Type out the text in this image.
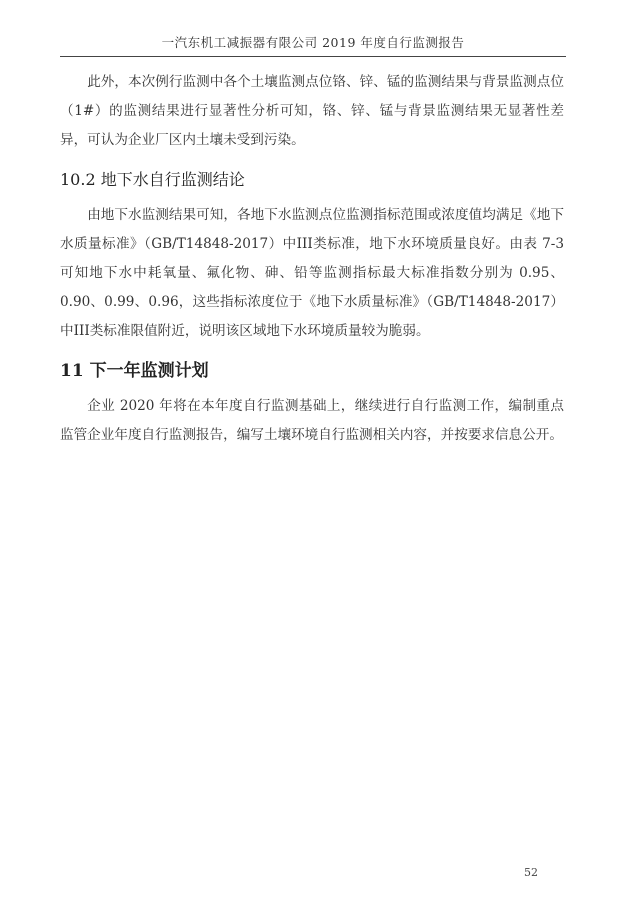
一汽东机工减振器有限公司 2019 年度自行监测报告

此外，本次例行监测中各个土壤监测点位铬、锌、锰的监测结果与背景监测点位（1#）的监测结果进行显著性分析可知，铬、锌、锰与背景监测结果无显著性差异，可认为企业厂区内土壤未受到污染。

10.2 地下水自行监测结论

由地下水监测结果可知，各地下水监测点位监测指标范围或浓度值均满足《地下水质量标准》（GB/T14848-2017）中III类标准，地下水环境质量良好。由表 7-3 可知地下水中耗氧量、氟化物、砷、铅等监测指标最大标准指数分别为 0.95、0.90、0.99、0.96，这些指标浓度位于《地下水质量标准》（GB/T14848-2017）中III类标准限值附近，说明该区域地下水环境质量较为脆弱。

11 下一年监测计划

企业 2020 年将在本年度自行监测基础上，继续进行自行监测工作，编制重点监管企业年度自行监测报告，编写土壤环境自行监测相关内容，并按要求信息公开。

52
